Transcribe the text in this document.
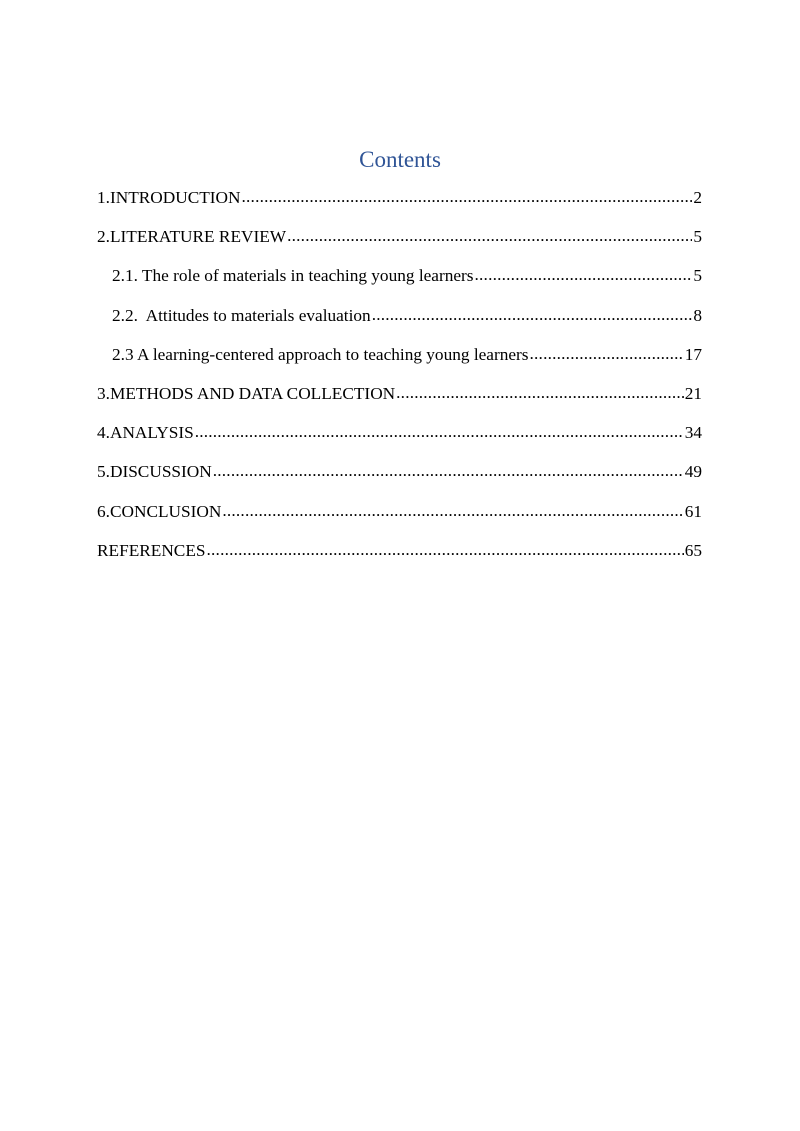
Contents
1.INTRODUCTION .....	2
2.LITERATURE REVIEW .....	5
2.1. The role of materials in teaching young learners .....	5
2.2.  Attitudes to materials evaluation .....	8
2.3 A learning-centered approach to teaching young learners .....	17
3.METHODS AND DATA COLLECTION .....	21
4.ANALYSIS .....	34
5.DISCUSSION .....	49
6.CONCLUSION .....	61
REFERENCES .....	65
